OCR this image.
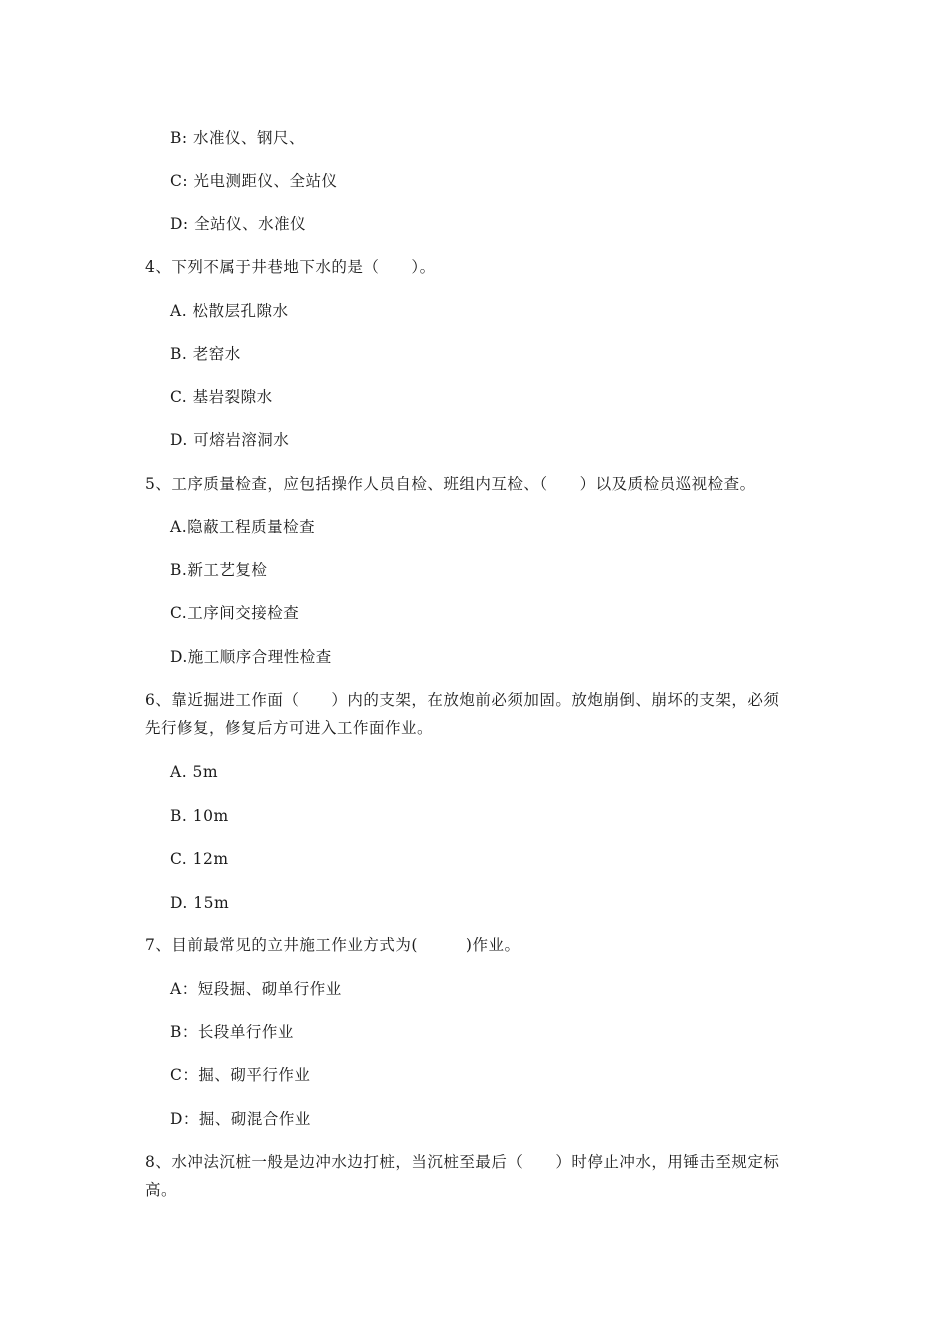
B: 水准仪、钢尺、
C: 光电测距仪、全站仪
D: 全站仪、水准仪
4、下列不属于井巷地下水的是（　　）。
A. 松散层孔隙水
B. 老窑水
C. 基岩裂隙水
D. 可熔岩溶洞水
5、工序质量检查，应包括操作人员自检、班组内互检、（　　）以及质检员巡视检查。
A.隐蔽工程质量检查
B.新工艺复检
C.工序间交接检查
D.施工顺序合理性检查
6、靠近掘进工作面（　　）内的支架，在放炮前必须加固。放炮崩倒、崩坏的支架，必须
先行修复，修复后方可进入工作面作业。
A. 5m
B. 10m
C. 12m
D. 15m
7、目前最常见的立井施工作业方式为(　　　)作业。
A：短段掘、砌单行作业
B：长段单行作业
C：掘、砌平行作业
D：掘、砌混合作业
8、水冲法沉桩一般是边冲水边打桩，当沉桩至最后（　　）时停止冲水，用锤击至规定标
高。
